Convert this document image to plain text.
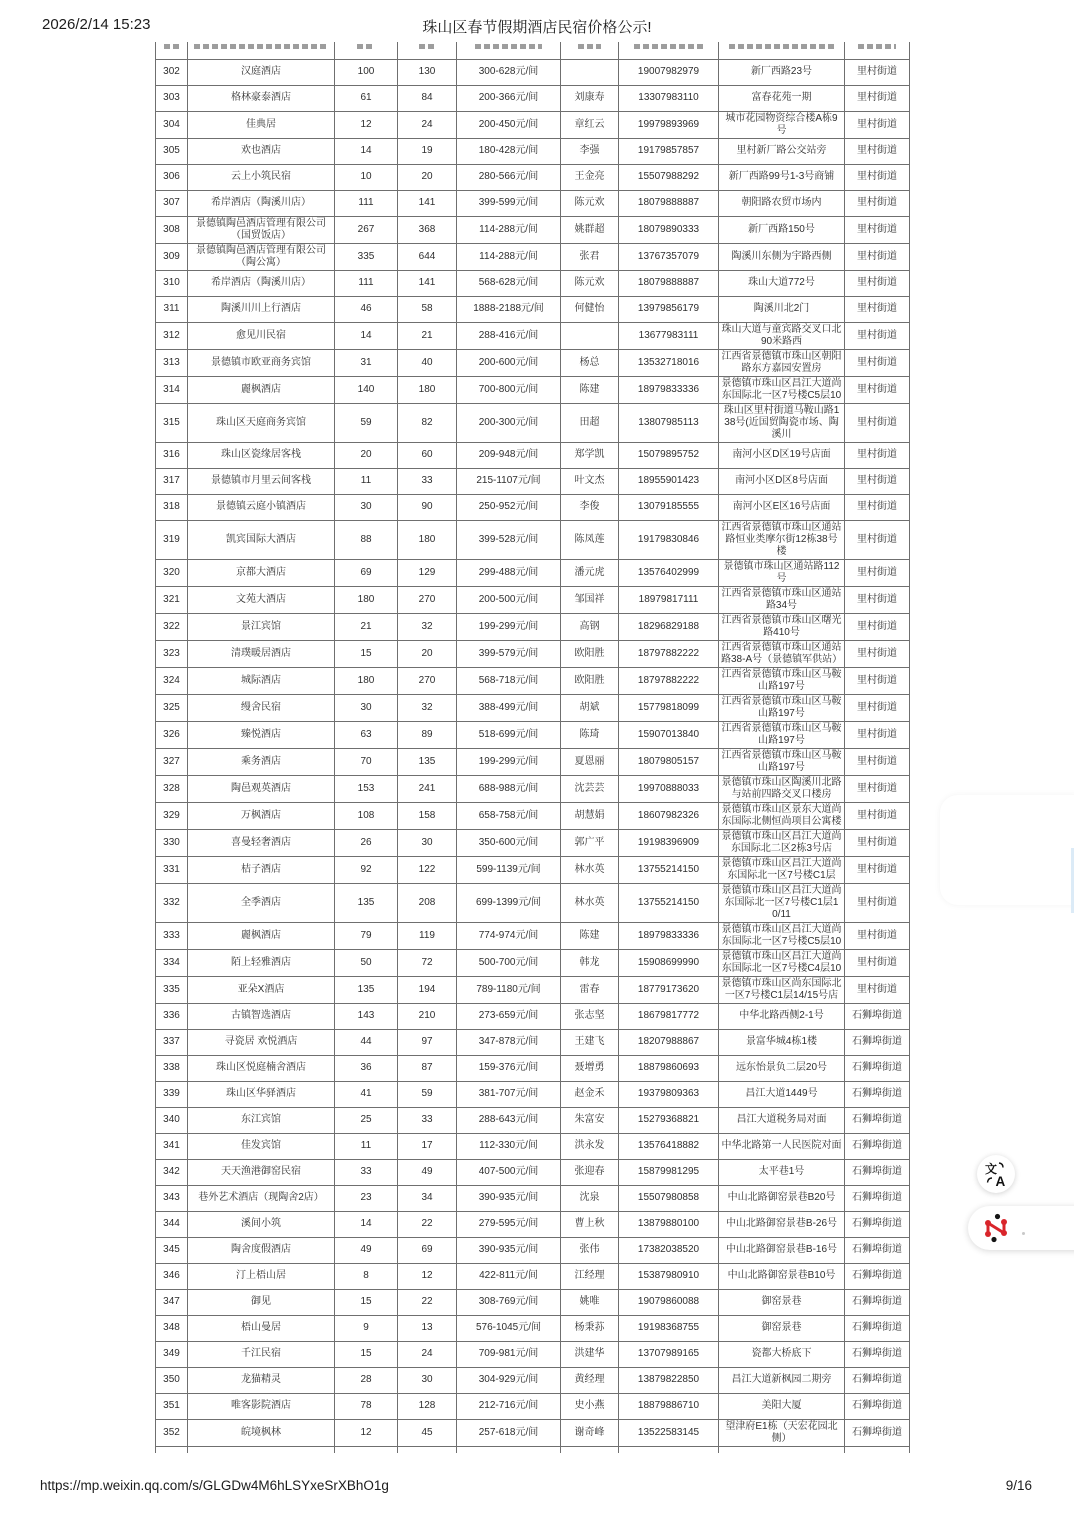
2026/2/14 15:23	珠山区春节假期酒店民宿价格公示!

302	汉庭酒店	100	130	300-628元/间		19007982979	新厂西路23号	里村街道
303	格林豪泰酒店	61	84	200-366元/间	刘康寿	13307983110	富春花苑一期	里村街道
304	佳典居	12	24	200-450元/间	章红云	19979893969	城市花园物资综合楼A栋9号	里村街道
305	欢也酒店	14	19	180-428元/间	李强	19179857857	里村新厂路公交站旁	里村街道
306	云上小筑民宿	10	20	280-566元/间	王金亮	15507988292	新厂西路99号1-3号商铺	里村街道
307	希岸酒店（陶溪川店）	111	141	399-599元/间	陈元欢	18079888887	朝阳路农贸市场内	里村街道
308	景德镇陶邑酒店管理有限公司（国贸饭店）	267	368	114-288元/间	姚群超	18079890333	新厂西路150号	里村街道
309	景德镇陶邑酒店管理有限公司（陶公寓）	335	644	114-288元/间	张君	13767357079	陶溪川东侧为宇路西侧	里村街道
310	希岸酒店（陶溪川店）	111	141	568-628元/间	陈元欢	18079888887	珠山大道772号	里村街道
311	陶溪川川上行酒店	46	58	1888-2188元/间	何健怡	13979856179	陶溪川北2门	里村街道
312	愈见川民宿	14	21	288-416元/间		13677983111	珠山大道与童宾路交叉口北90米路西	里村街道
313	景德镇市欧亚商务宾馆	31	40	200-600元/间	杨总	13532718016	江西省景德镇市珠山区朝阳路东方嘉园安置房	里村街道
314	麗枫酒店	140	180	700-800元/间	陈建	18979833336	景德镇市珠山区昌江大道尚东国际北一区7号楼C5层10	里村街道
315	珠山区天庭商务宾馆	59	82	200-300元/间	田超	13807985113	珠山区里村街道马鞍山路138号(近国贸陶瓷市场、陶溪川	里村街道
316	珠山区瓷缘居客栈	20	60	209-948元/间	郑学凯	15079895752	南河小区D区19号店面	里村街道
317	景德镇市月里云间客栈	11	33	215-1107元/间	叶文杰	18955901423	南河小区D区8号店面	里村街道
318	景德镇云庭小镇酒店	30	90	250-952元/间	李俊	13079185555	南河小区E区16号店面	里村街道
319	凯宾国际大酒店	88	180	399-528元/间	陈凤莲	19179830846	江西省景德镇市珠山区通站路恒业类摩尔街12栋38号楼	里村街道
320	京都大酒店	69	129	299-488元/间	潘元虎	13576402999	景德镇市珠山区通站路112号	里村街道
321	文苑大酒店	180	270	200-500元/间	邹国祥	18979817111	江西省景德镇市珠山区通站路34号	里村街道
322	景江宾馆	21	32	199-299元/间	高钢	18296829188	江西省景德镇市珠山区曙光路410号	里村街道
323	清璞暖居酒店	15	20	399-579元/间	欧阳胜	18797882222	江西省景德镇市珠山区通站路38-A号（景德镇军供站）	里村街道
324	城际酒店	180	270	568-718元/间	欧阳胜	18797882222	江西省景德镇市珠山区马鞍山路197号	里村街道
325	缦舍民宿	30	32	388-499元/间	胡斌	15779818099	江西省景德镇市珠山区马鞍山路197号	里村街道
326	臻悦酒店	63	89	518-699元/间	陈琦	15907013840	江西省景德镇市珠山区马鞍山路197号	里村街道
327	乘务酒店	70	135	199-299元/间	夏恩丽	18079805157	江西省景德镇市珠山区马鞍山路197号	里村街道
328	陶邑观英酒店	153	241	688-988元/间	沈芸芸	19970888033	景德镇市珠山区陶溪川北路与站前四路交叉口楼房	里村街道
329	万枫酒店	108	158	658-758元/间	胡慧娟	18607982326	景德镇市珠山区景东大道尚东国际北侧恒尚项目公寓楼	里村街道
330	喜曼轻奢酒店	26	30	350-600元/间	郭广平	19198396909	景德镇市珠山区昌江大道尚东国际北二区2栋3号店	里村街道
331	桔子酒店	92	122	599-1139元/间	林水英	13755214150	景德镇市珠山区昌江大道尚东国际北一区7号楼C1层	里村街道
332	全季酒店	135	208	699-1399元/间	林水英	13755214150	景德镇市珠山区昌江大道尚东国际北一区7号楼C1层10/11	里村街道
333	麗枫酒店	79	119	774-974元/间	陈建	18979833336	景德镇市珠山区昌江大道尚东国际北一区7号楼C5层10	里村街道
334	陌上轻雅酒店	50	72	500-700元/间	韩龙	15908699990	景德镇市珠山区昌江大道尚东国际北一区7号楼C4层10	里村街道
335	亚朵X酒店	135	194	789-1180元/间	雷春	18779173620	景德镇市珠山区尚东国际北一区7号楼C1层14/15号店	里村街道
336	古镇智选酒店	143	210	273-659元/间	张志坚	18679817772	中华北路西侧2-1号	石狮埠街道
337	寻瓷居 欢悦酒店	44	97	347-878元/间	王建飞	18207988867	景富华城4栋1楼	石狮埠街道
338	珠山区悦庭楠舍酒店	36	87	159-376元/间	聂增勇	18879860693	远东怡景负二层20号	石狮埠街道
339	珠山区华驿酒店	41	59	381-707元/间	赵金禾	19379809363	昌江大道1449号	石狮埠街道
340	东江宾馆	25	33	288-643元/间	朱富安	15279368821	昌江大道税务局对面	石狮埠街道
341	佳发宾馆	11	17	112-330元/间	洪永发	13576418882	中华北路第一人民医院对面	石狮埠街道
342	天天渔港御窑民宿	33	49	407-500元/间	张迎春	15879981295	太平巷1号	石狮埠街道
343	巷外艺术酒店（现陶舍2店）	23	34	390-935元/间	沈泉	15507980858	中山北路御窑景巷B20号	石狮埠街道
344	溪间小筑	14	22	279-595元/间	曹上秋	13879880100	中山北路御窑景巷B-26号	石狮埠街道
345	陶舍度假酒店	49	69	390-935元/间	张伟	17382038520	中山北路御窑景巷B-16号	石狮埠街道
346	汀上梧山居	8	12	422-811元/间	江经理	15387980910	中山北路御窑景巷B10号	石狮埠街道
347	御见	15	22	308-769元/间	姚唯	19079860088	御窑景巷	石狮埠街道
348	梧山曼居	9	13	576-1045元/间	杨秉荪	19198368755	御窑景巷	石狮埠街道
349	千江民宿	15	24	709-981元/间	洪建华	13707989165	瓷都大桥底下	石狮埠街道
350	龙猫精灵	28	30	304-929元/间	黄经理	13879822850	昌江大道新枫园二期旁	石狮埠街道
351	唯客影院酒店	78	128	212-716元/间	史小燕	18879886710	美阳大厦	石狮埠街道
352	皖境枫林	12	45	257-618元/间	谢奇峰	13522583145	望津府E1栋（天宏花园北侧）	石狮埠街道

文
A
https://mp.weixin.qq.com/s/GLGDw4M6hLSYxeSrXBhO1g	9/16
